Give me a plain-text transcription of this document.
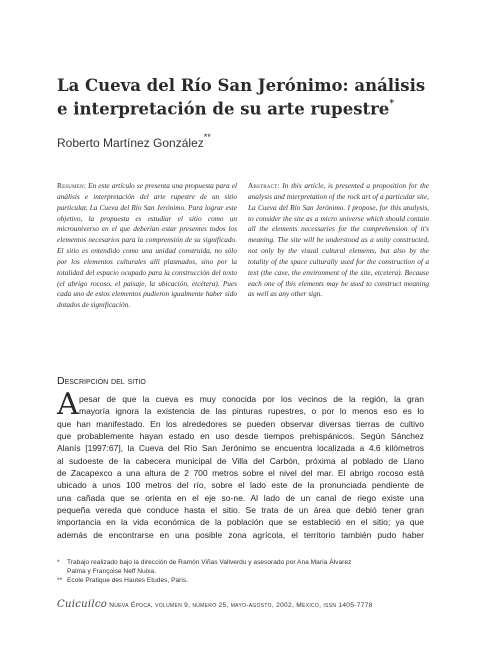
La Cueva del Río San Jerónimo: análisis
e interpretación de su arte rupestre*
Roberto Martínez González**
Resumen: En este artículo se presenta una propuesta para el análisis e interpretación del arte rupestre de un sitio particular, La Cueva del Río San Jerónimo. Para lograr este objetivo, la propuesta es estudiar el sitio como un microuniverso en el que deberían estar presentes todos los elementos necesarios para la comprensión de su significado. El sitio es entendido como una unidad construida, no sólo por los elementos culturales allí plasmados, sino por la totalidad del espacio ocupado para la construcción del texto (el abrigo rocoso, el paisaje, la ubicación, etcétera). Pues cada uno de estos elementos pudieron igualmente haber sido dotados de significación.
Abstract: In this article, is presented a proposition for the analysis and interpretation of the rock art of a particular site, La Cueva del Río San Jerónimo. I propose, for this analysis, to consider the site as a micro universe which should contain all the elements necessaries for the comprehension of it's meaning. The site will be understood as a unity constructed, not only by the visual cultural elements, but also by the totality of the space culturally used for the construction of a text (the cave, the environment of the site, etcetera). Because each one of this elements may be used to construct meaning as well as any other sign.
Descripción del sitio
A pesar de que la cueva es muy conocida por los vecinos de la región, la gran
mayoría ignora la existencia de las pinturas rupestres, o por lo menos eso es lo
que han manifestado. En los alrededores se pueden observar diversas tierras de cultivo
que probablemente hayan estado en uso desde tiempos prehispánicos. Según Sánchez
Alanís [1997:67], la Cueva del Río San Jerónimo se encuentra localizada a 4.6 kilómetros
al sudoeste de la cabecera municipal de Villa del Carbón, próxima al poblado de Llano
de Zacapexco a una altura de 2 700 metros sobre el nivel del mar. El abrigo rocoso está
ubicado a unos 100 metros del río, sobre el lado este de la pronunciada pendiente de
una cañada que se orienta en el eje so-ne. Al lado de un canal de riego existe una
pequeña vereda que conduce hasta el sitio. Se trata de un área que debió tener gran
importancia en la vida económica de la población que se estableció en el sitio; ya que
además de encontrarse en una posible zona agrícola, el territorio también pudo haber
* Trabajo realizado bajo la dirección de Ramón Viñas Vallverdu y asesorado por Ana María Álvarez
Palma y Françoise Neff Nuixa.
** Ecole Pratique des Hautes Etudes, Paris.
Cuicuilco Nueva Época, volumen 9, número 25, mayo-agosto, 2002, México, issn 1405-7778
